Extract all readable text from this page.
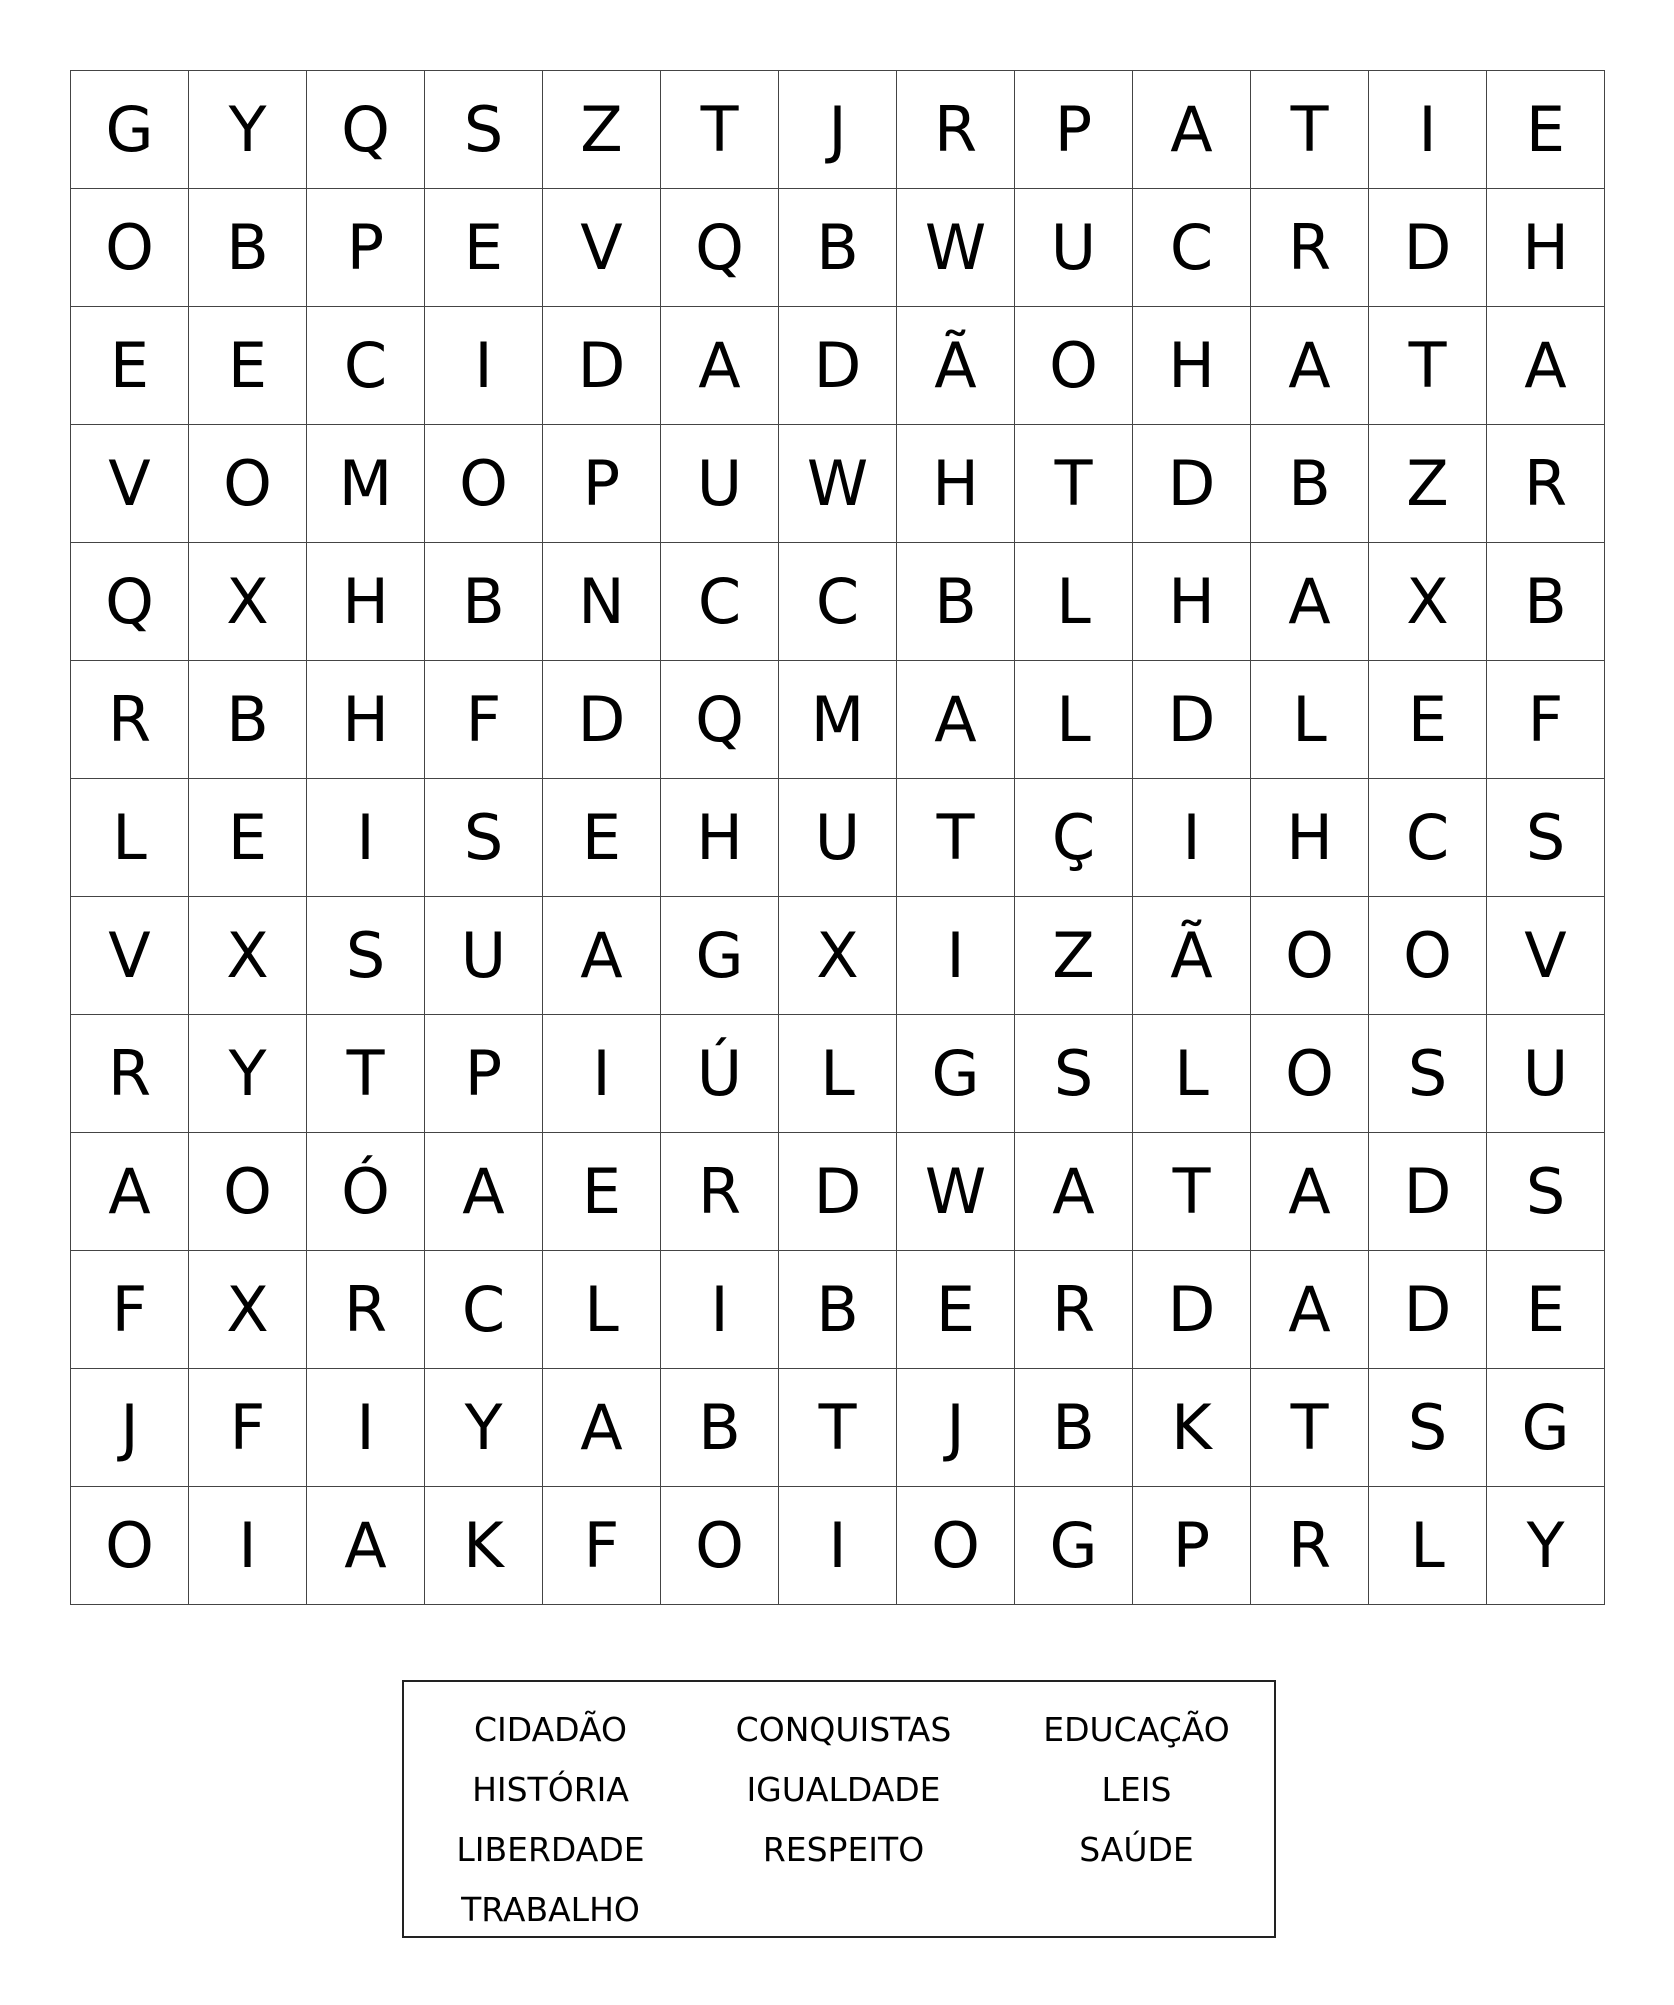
G	Y	Q	S	Z	T	J	R	P	A	T	I	E
O	B	P	E	V	Q	B	W	U	C	R	D	H
E	E	C	I	D	A	D	Ã	O	H	A	T	A
V	O	M	O	P	U	W	H	T	D	B	Z	R
Q	X	H	B	N	C	C	B	L	H	A	X	B
R	B	H	F	D	Q	M	A	L	D	L	E	F
L	E	I	S	E	H	U	T	Ç	I	H	C	S
V	X	S	U	A	G	X	I	Z	Ã	O	O	V
R	Y	T	P	I	Ú	L	G	S	L	O	S	U
A	O	Ó	A	E	R	D	W	A	T	A	D	S
F	X	R	C	L	I	B	E	R	D	A	D	E
J	F	I	Y	A	B	T	J	B	K	T	S	G
O	I	A	K	F	O	I	O	G	P	R	L	Y
CIDADÃO	CONQUISTAS	EDUCAÇÃO
HISTÓRIA	IGUALDADE	LEIS
LIBERDADE	RESPEITO	SAÚDE
TRABALHO
